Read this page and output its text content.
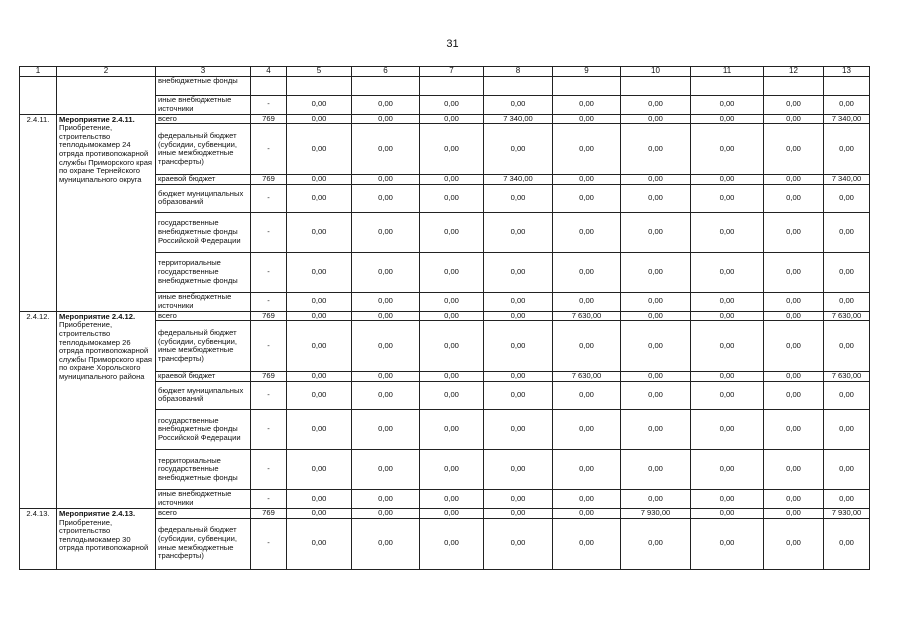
31
1	2	3	4	5	6	7	8	9	10	11	12	13
		внебюджетные фонды										
		иные внебюджетные источники	-	0,00	0,00	0,00	0,00	0,00	0,00	0,00	0,00	0,00
2.4.11.	Мероприятие 2.4.11.
Приобретение, строительство теплодымокамер 24 отряда противопожарной службы Приморского края по охране Тернейского муниципального округа	всего	769	0,00	0,00	0,00	7 340,00	0,00	0,00	0,00	0,00	7 340,00
		федеральный бюджет (субсидии, субвенции, иные межбюджетные трансферты)	-	0,00	0,00	0,00	0,00	0,00	0,00	0,00	0,00	0,00
		краевой бюджет	769	0,00	0,00	0,00	7 340,00	0,00	0,00	0,00	0,00	7 340,00
		бюджет муниципальных образований	-	0,00	0,00	0,00	0,00	0,00	0,00	0,00	0,00	0,00
		государственные внебюджетные фонды Российской Федерации	-	0,00	0,00	0,00	0,00	0,00	0,00	0,00	0,00	0,00
		территориальные государственные внебюджетные фонды	-	0,00	0,00	0,00	0,00	0,00	0,00	0,00	0,00	0,00
		иные внебюджетные источники	-	0,00	0,00	0,00	0,00	0,00	0,00	0,00	0,00	0,00
2.4.12.	Мероприятие 2.4.12.
Приобретение, строительство теплодымокамер 26 отряда противопожарной службы Приморского края по охране Хорольского муниципального района	всего	769	0,00	0,00	0,00	0,00	7 630,00	0,00	0,00	0,00	7 630,00
		федеральный бюджет (субсидии, субвенции, иные межбюджетные трансферты)	-	0,00	0,00	0,00	0,00	0,00	0,00	0,00	0,00	0,00
		краевой бюджет	769	0,00	0,00	0,00	0,00	7 630,00	0,00	0,00	0,00	7 630,00
		бюджет муниципальных образований	-	0,00	0,00	0,00	0,00	0,00	0,00	0,00	0,00	0,00
		государственные внебюджетные фонды Российской Федерации	-	0,00	0,00	0,00	0,00	0,00	0,00	0,00	0,00	0,00
		территориальные государственные внебюджетные фонды	-	0,00	0,00	0,00	0,00	0,00	0,00	0,00	0,00	0,00
		иные внебюджетные источники	-	0,00	0,00	0,00	0,00	0,00	0,00	0,00	0,00	0,00
2.4.13.	Мероприятие 2.4.13.
Приобретение, строительство теплодымокамер 30 отряда противопожарной	всего	769	0,00	0,00	0,00	0,00	0,00	7 930,00	0,00	0,00	7 930,00
		федеральный бюджет (субсидии, субвенции, иные межбюджетные трансферты)	-	0,00	0,00	0,00	0,00	0,00	0,00	0,00	0,00	0,00
